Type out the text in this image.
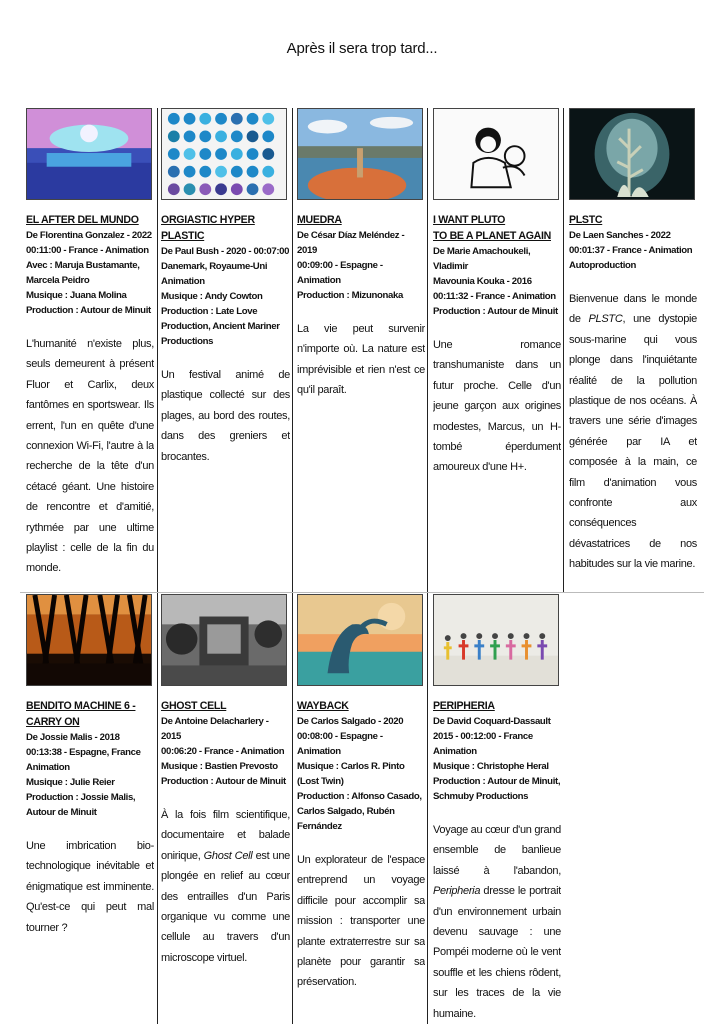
Après il sera trop tard...
EL AFTER DEL MUNDO
De Florentina Gonzalez - 2022
00:11:00 - France - Animation
Avec : Maruja Bustamante,
Marcela Peidro
Musique : Juana Molina
Production : Autour de Minuit
L'humanité n'existe plus, seuls demeurent à présent Fluor et Carlix, deux fantômes en sportswear. Ils errent, l'un en quête d'une connexion Wi-Fi, l'autre à la recherche de la tête d'un cétacé géant. Une histoire de rencontre et d'amitié, rythmée par une ultime playlist : celle de la fin du monde.
ORGIASTIC HYPER PLASTIC
De Paul Bush - 2020 - 00:07:00
Danemark, Royaume-Uni
Animation
Musique : Andy Cowton
Production : Late Love
Production, Ancient Mariner
Productions
Un festival animé de plastique collecté sur des plages, au bord des routes, dans des greniers et brocantes.
MUEDRA
De César Díaz Meléndez - 2019
00:09:00 - Espagne - Animation
Production : Mizunonaka
La vie peut survenir n'importe où. La nature est imprévisible et rien n'est ce qu'il paraît.
I WANT PLUTO
TO BE A PLANET AGAIN
De Marie Amachoukeli, Vladimir
Mavounia Kouka - 2016
00:11:32 - France - Animation
Production : Autour de Minuit
Une romance transhumaniste dans un futur proche. Celle d'un jeune garçon aux origines modestes, Marcus, un H- tombé éperdument amoureux d'une H+.
PLSTC
De Laen Sanches - 2022
00:01:37 - France - Animation
Autoproduction
Bienvenue dans le monde de PLSTC, une dystopie sous-marine qui vous plonge dans l'inquiétante réalité de la pollution plastique de nos océans. À travers une série d'images générée par IA et composée à la main, ce film d'animation vous confronte aux conséquences dévastatrices de nos habitudes sur la vie marine.
BENDITO MACHINE 6 -
CARRY ON
De Jossie Malis - 2018
00:13:38 - Espagne, France
Animation
Musique : Julie Reier
Production : Jossie Malis,
Autour de Minuit
Une imbrication bio-technologique inévitable et énigmatique est imminente. Qu'est-ce qui peut mal tourner ?
GHOST CELL
De Antoine Delacharlery - 2015
00:06:20 - France - Animation
Musique : Bastien Prevosto
Production : Autour de Minuit
À la fois film scientifique, documentaire et balade onirique, Ghost Cell est une plongée en relief au cœur des entrailles d'un Paris organique vu comme une cellule au travers d'un microscope virtuel.
WAYBACK
De Carlos Salgado - 2020
00:08:00 - Espagne - Animation
Musique : Carlos R. Pinto
(Lost Twin)
Production : Alfonso Casado,
Carlos Salgado, Rubén Fernández
Un explorateur de l'espace entreprend un voyage difficile pour accomplir sa mission : transporter une plante extraterrestre sur sa planète pour garantir sa préservation.
PERIPHERIA
De David Coquard-Dassault
2015 - 00:12:00 - France
Animation
Musique : Christophe Heral
Production : Autour de Minuit,
Schmuby Productions
Voyage au cœur d'un grand ensemble de banlieue laissé à l'abandon, Peripheria dresse le portrait d'un environnement urbain devenu sauvage : une Pompéi moderne où le vent souffle et les chiens rôdent, sur les traces de la vie humaine.
